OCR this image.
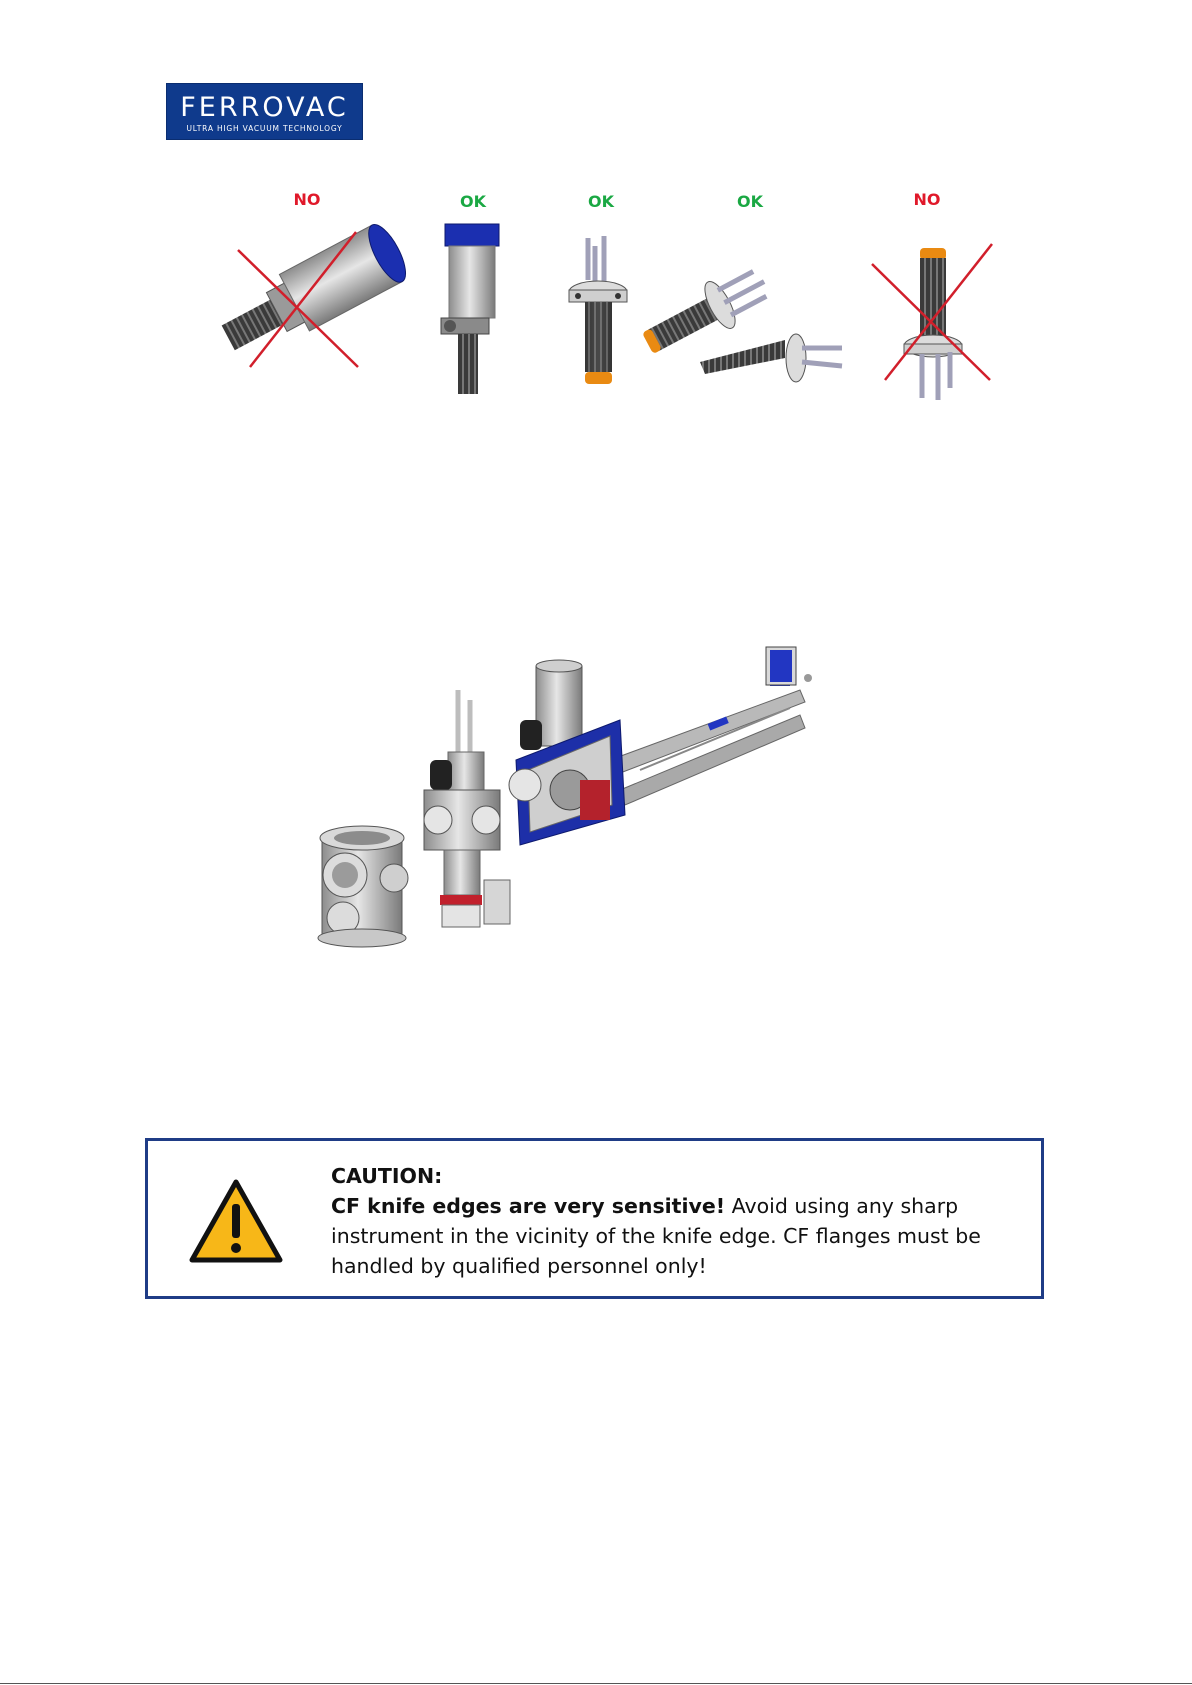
FERROVAC
ULTRA HIGH VACUUM TECHNOLOGY
NO	OK	OK	OK	NO
CAUTION:
CF knife edges are very sensitive! Avoid using any sharp instrument in the vicinity of the knife edge. CF flanges must be handled by qualified personnel only!
